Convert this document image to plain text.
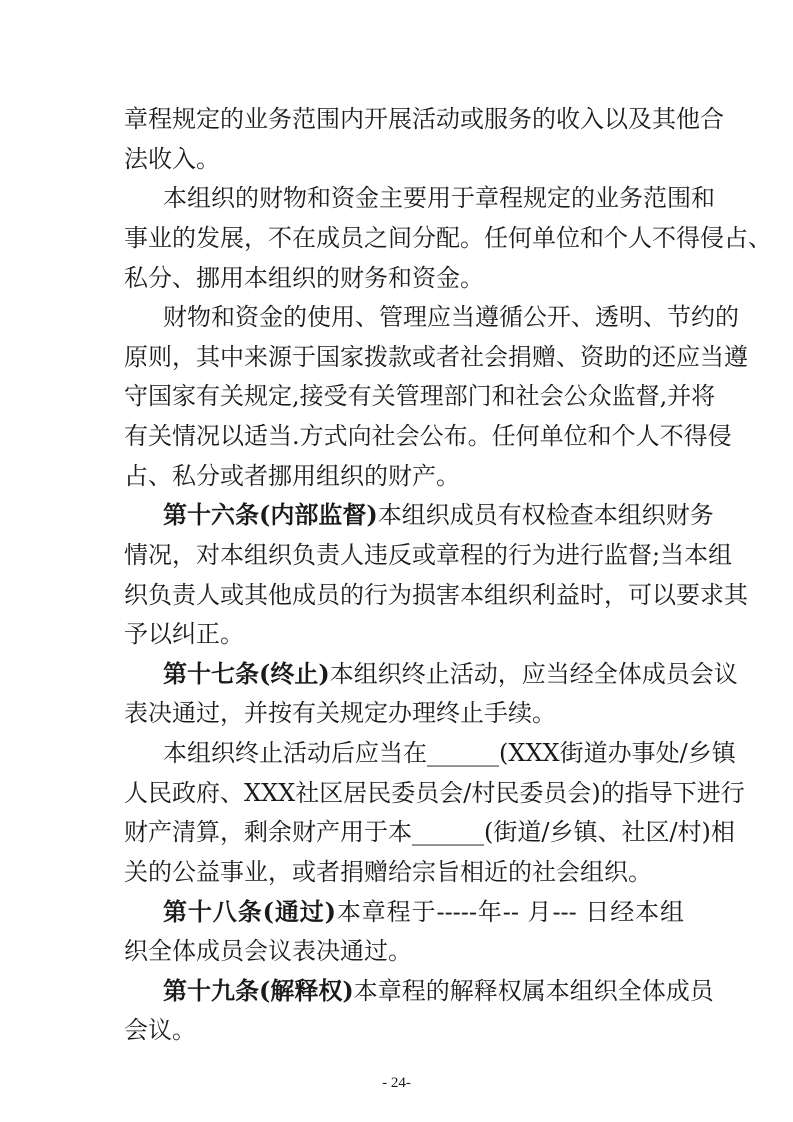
章程规定的业务范围内开展活动或服务的收入以及其他合
法收入。
本组织的财物和资金主要用于章程规定的业务范围和
事业的发展，不在成员之间分配。任何单位和个人不得侵占、
私分、挪用本组织的财务和资金。
财物和资金的使用、管理应当遵循公开、透明、节约的
原则，其中来源于国家拨款或者社会捐赠、资助的还应当遵
守国家有关规定,接受有关管理部门和社会公众监督,并将
有关情况以适当.方式向社会公布。任何单位和个人不得侵
占、私分或者挪用组织的财产。
第十六条(内部监督)本组织成员有权检查本组织财务
情况，对本组织负责人违反或章程的行为进行监督;当本组
织负责人或其他成员的行为损害本组织利益时，可以要求其
予以纠正。
第十七条(终止)本组织终止活动，应当经全体成员会议
表决通过，并按有关规定办理终止手续。
本组织终止活动后应当在______(XXX街道办事处/乡镇
人民政府、XXX社区居民委员会/村民委员会)的指导下进行
财产清算，剩余财产用于本______(街道/乡镇、社区/村)相
关的公益事业，或者捐赠给宗旨相近的社会组织。
第十八条(通过)本章程于-----年-- 月--- 日经本组
织全体成员会议表决通过。
- 24-
第十九条(解释权)本章程的解释权属本组织全体成员
会议。
